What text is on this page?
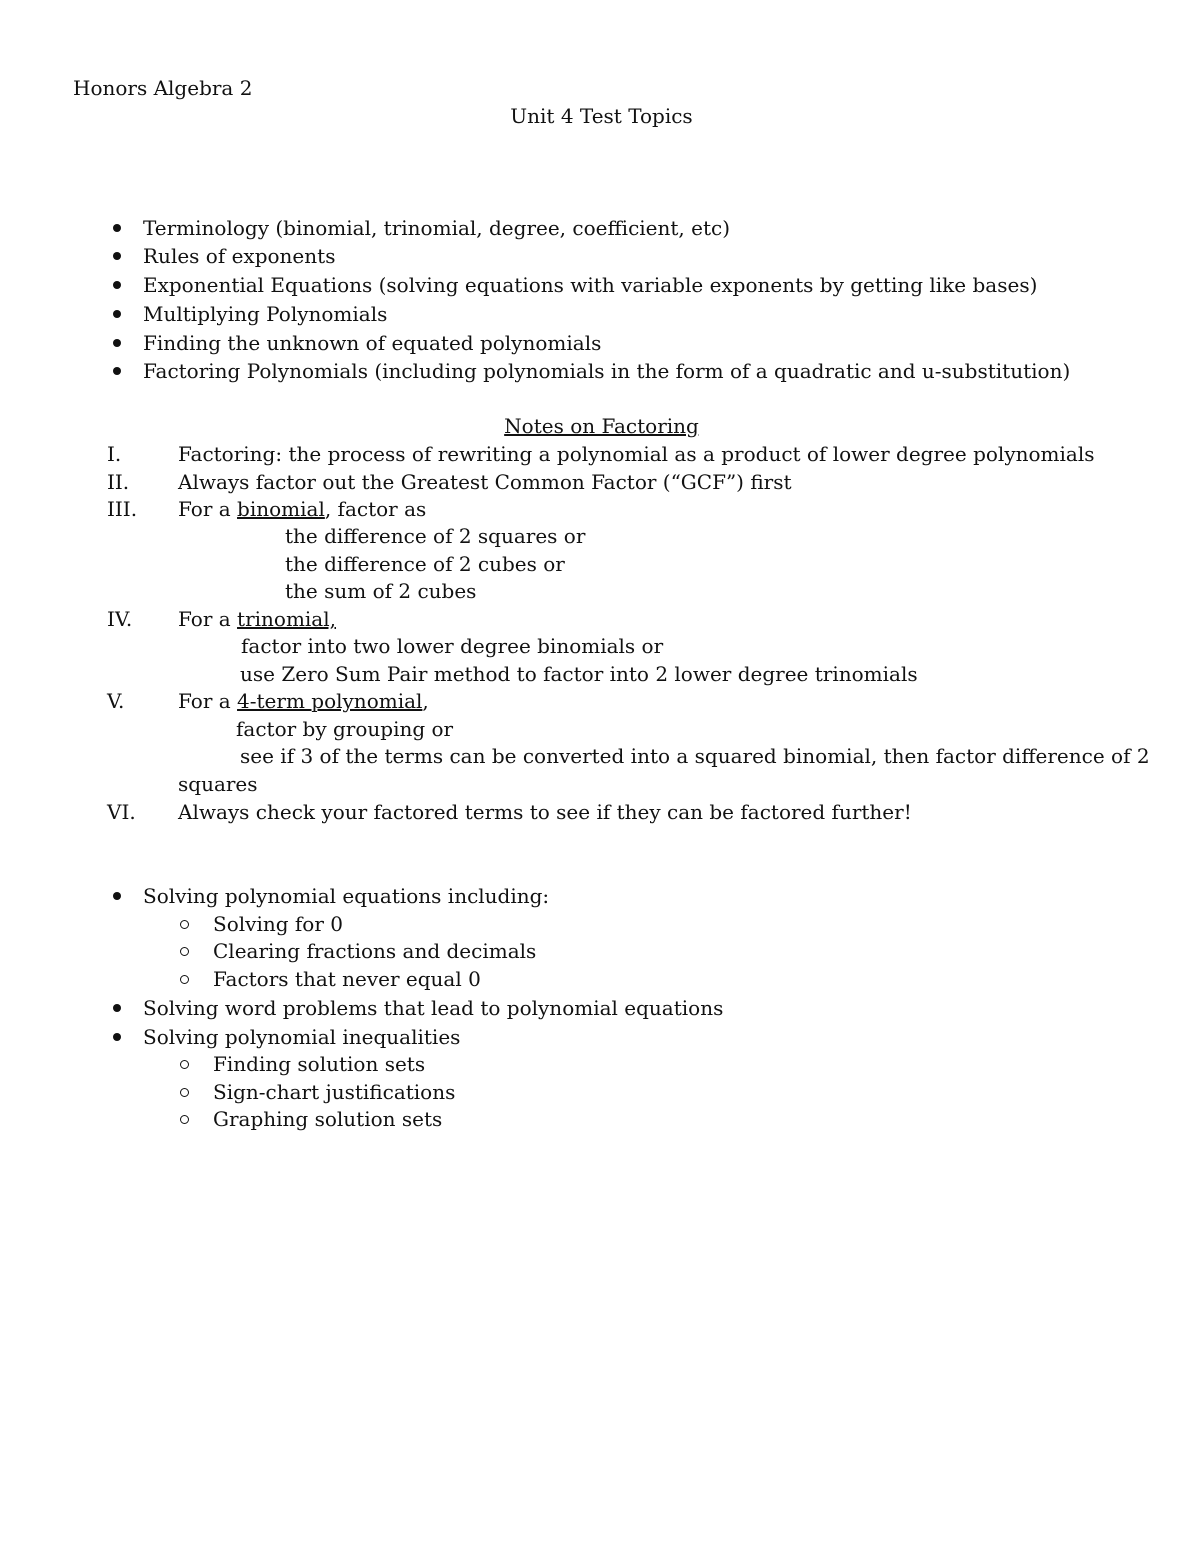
Honors Algebra 2
Unit 4 Test Topics
Terminology (binomial, trinomial, degree, coefficient, etc)
Rules of exponents
Exponential Equations (solving equations with variable exponents by getting like bases)
Multiplying Polynomials
Finding the unknown of equated polynomials
Factoring Polynomials (including polynomials in the form of a quadratic and u-substitution)
Notes on Factoring
I.	Factoring: the process of rewriting a polynomial as a product of lower degree polynomials
II. Always factor out the Greatest Common Factor (“GCF”) first
III. For a binomial, factor as
the difference of 2 squares or
the difference of 2 cubes or
the sum of 2 cubes
IV. For a trinomial,
factor into two lower degree binomials or
use Zero Sum Pair method to factor into 2 lower degree trinomials
V.	For a 4-term polynomial,
factor by grouping or
see if 3 of the terms can be converted into a squared binomial, then factor difference of 2
squares
VI. Always check your factored terms to see if they can be factored further!
Solving polynomial equations including:
Solving for 0
Clearing fractions and decimals
Factors that never equal 0
Solving word problems that lead to polynomial equations
Solving polynomial inequalities
Finding solution sets
Sign-chart justifications
Graphing solution sets
